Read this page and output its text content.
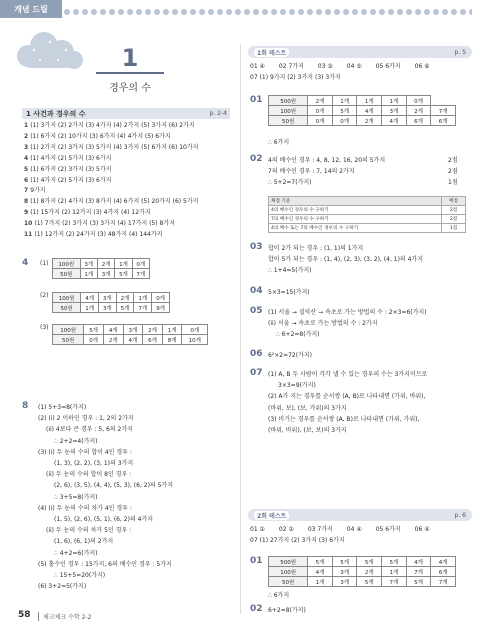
개념 드릴
1
경우의 수
1 사건과 경우의 수	p. 2-4
1 (1) 3가지 (2) 2가지 (3) 4가지 (4) 2가지 (5) 3가지 (6) 2가지
2 (1) 6가지 (2) 10가지 (3) 6가지 (4) 4가지 (5) 6가지
3 (1) 2가지 (2) 3가지 (3) 5가지 (4) 3가지 (5) 6가지 (6) 10가지
4 (1) 4가지 (2) 5가지 (3) 6가지
5 (1) 6가지 (2) 3가지 (3) 5가지
6 (1) 4가지 (2) 5가지 (3) 6가지
7 9가지
8 (1) 8가지 (2) 4가지 (3) 8가지 (4) 6가지 (5) 20가지 (6) 5가지
9 (1) 15가지 (2) 12가지 (3) 4가지 (4) 12가지
10 (1) 7가지 (2) 3가지 (3) 3가지 (4) 17가지 (5) 8가지
11 (1) 12가지 (2) 24가지 (3) 48가지 (4) 144가지
4 (1) 100원	3개	2개	1개	0개
50원	1개	3개	5개	7개
(2) 100원	4개	3개	2개	1개	0개
50원	1개	3개	5개	7개	9개
(3) 100원	5개	4개	3개	2개	1개	0개
50원	0개	2개	4개	6개	8개	10개
8 (1) 5+3=8(가지)
(2) (i) 2 이하인 경우 : 1, 2의 2가지
(ii) 4보다 큰 경우 : 5, 6의 2가지
∴ 2+2=4(가지)
(3) (i) 두 눈의 수의 합이 4인 경우 :
(1, 3), (2, 2), (3, 1)의 3가지
(ii) 두 눈의 수의 합이 8인 경우 :
(2, 6), (3, 5), (4, 4), (5, 3), (6, 2)의 5가지
∴ 3+5=8(가지)
(4) (i) 두 눈의 수의 차가 4인 경우 :
(1, 5), (2, 6), (5, 1), (6, 2)의 4가지
(ii) 두 눈의 수의 차가 5인 경우 :
(1, 6), (6, 1)의 2가지
∴ 4+2=6(가지)
(5) 홀수인 경우 : 15가지, 6의 배수인 경우 : 5가지
∴ 15+5=20(가지)
(6) 3+2=5(가지)
1회 테스트	p. 5
01 ④ 02 7가지 03 ③ 04 ⑤ 05 6가지 06 ⑥
07 (1) 9가지 (2) 3가지 (3) 3가지
01	500원	2개	1개	1개	1개	0개	
100원	0개	5개	4개	3개	2개	7개
50원	0개	0개	2개	4개	6개	6개
∴ 6가지
02 4의 배수인 경우 : 4, 8, 12, 16, 20의 5가지
7의 배수인 경우 : 7, 14의 2가지
∴ 5+2=7(가지)
2점
2점
1점
채점 기준	배점
4의 배수인 경우의 수 구하기	2점
7의 배수인 경우의 수 구하기	2점
4의 배수 또는 7의 배수인 경우의 수 구하기	1점
03 합이 2가 되는 경우 : (1, 1)의 1가지
합이 5가 되는 경우 : (1, 4), (2, 3), (3, 2), (4, 1)의 4가지
∴ 1+4=5(가지)
04 5×3=15(가지)
05 (1) 서울 → 설악산 → 속초로 가는 방법의 수 : 2×3=6(가지)
(ii) 서울 → 속초로 가는 방법의 수 : 2가지
∴ 6+2=8(가지)
06 6²×2=72(가지)
07 (1) A, B 두 사람이 각각 낼 수 있는 경우의 수는 3가지이므로
3×3=9(가지)
(2) A가 지는 경우를 순서쌍 (A, B)로 나타내면 (가위, 바위),
(바위, 보), (보, 가위)의 3가지
(3) 비기는 경우를 순서쌍 (A, B)로 나타내면 (가위, 가위),
(바위, 바위), (보, 보)의 3가지
2회 테스트	p. 6
01 ① 02 ① 03 7가지 04 ④ 05 6가지 06 ④
07 (1) 27가지 (2) 3가지 (3) 6가지
01	500원	5개	5개	5개	5개	4개	4개
100원	4개	3개	2개	1개	7개	6개
50원	1개	3개	5개	7개	5개	7개
∴ 6가지
02 6+2=8(가지)
58 체크체크 수학 2-2
